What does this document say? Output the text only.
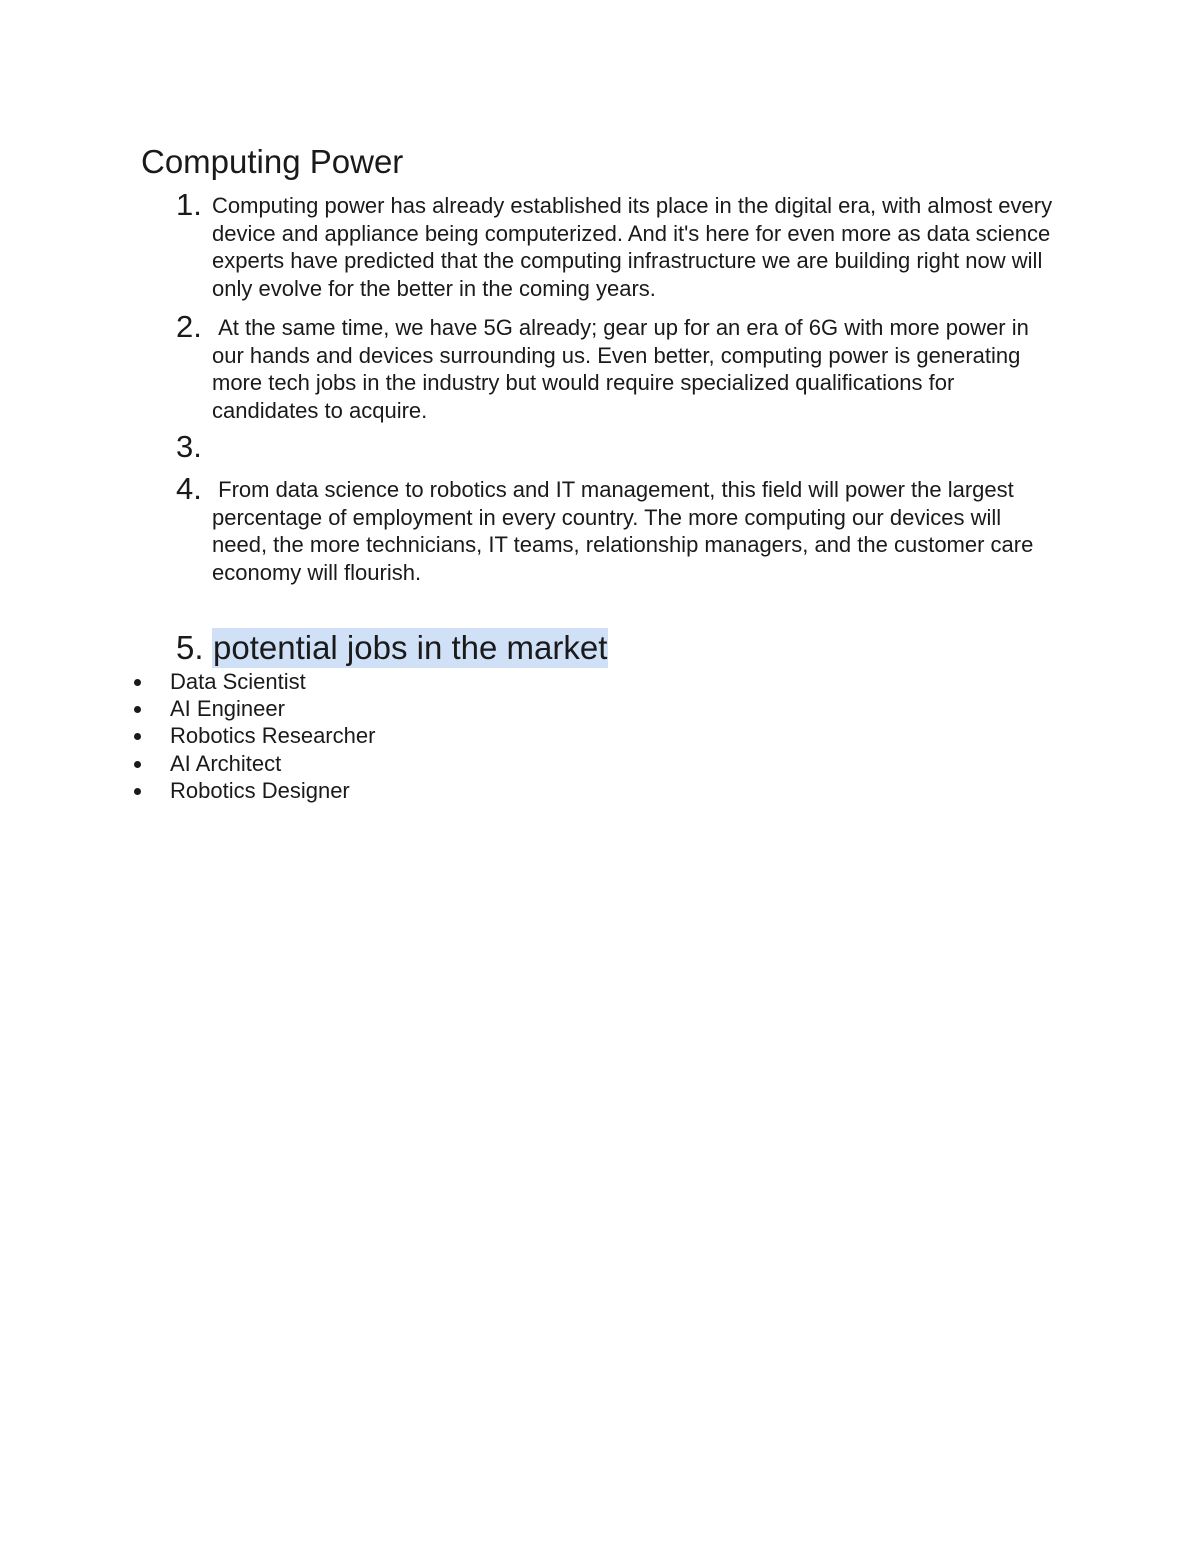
Computing Power
1. Computing power has already established its place in the digital era, with almost every device and appliance being computerized. And it's here for even more as data science experts have predicted that the computing infrastructure we are building right now will only evolve for the better in the coming years.

2. At the same time, we have 5G already; gear up for an era of 6G with more power in our hands and devices surrounding us. Even better, computing power is generating more tech jobs in the industry but would require specialized qualifications for candidates to acquire.

3.

4. From data science to robotics and IT management, this field will power the largest percentage of employment in every country. The more computing our devices will need, the more technicians, IT teams, relationship managers, and the customer care economy will flourish.

5. potential jobs in the market
Data Scientist
AI Engineer
Robotics Researcher
AI Architect
Robotics Designer
